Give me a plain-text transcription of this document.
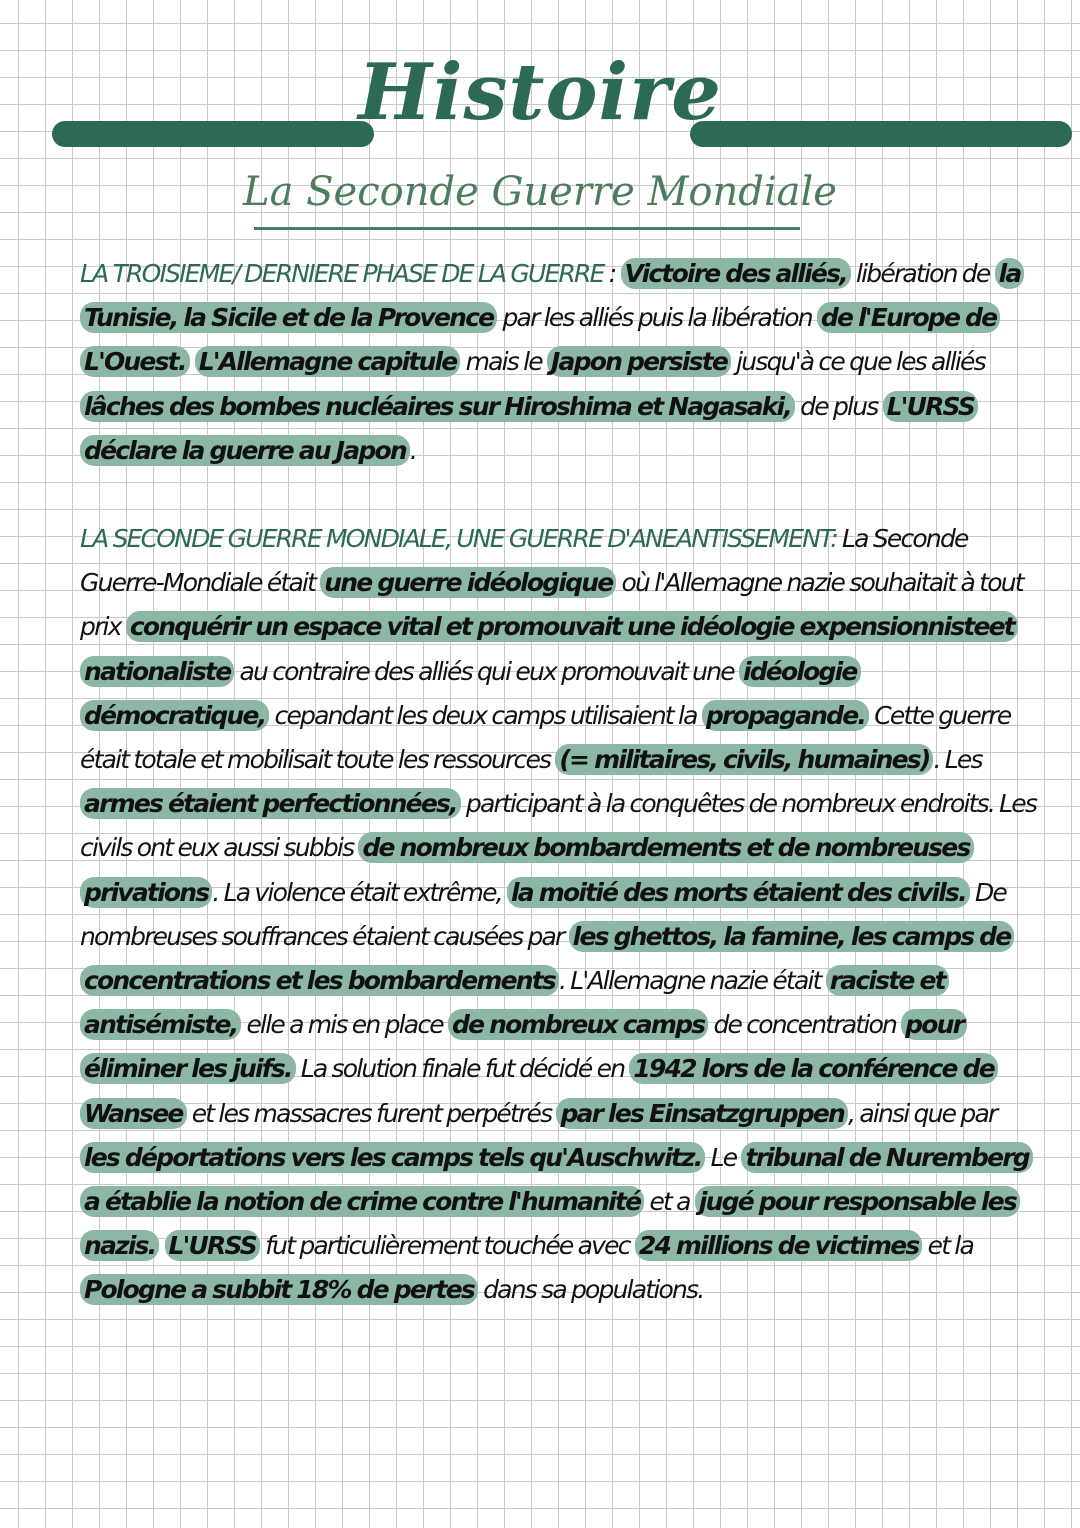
Histoire
La Seconde Guerre Mondiale

LA TROISIEME/ DERNIERE PHASE DE LA GUERRE : Victoire des alliés, libération de la Tunisie, la Sicile et de la Provence par les alliés puis la libération de l'Europe de L'Ouest. L'Allemagne capitule mais le Japon persiste jusqu'à ce que les alliés lâches des bombes nucléaires sur Hiroshima et Nagasaki, de plus L'URSS déclare la guerre au Japon .

LA SECONDE GUERRE MONDIALE, UNE GUERRE D'ANEANTISSEMENT: La Seconde Guerre-Mondiale était une guerre idéologique où l'Allemagne nazie souhaitait à tout prix conquérir un espace vital et promouvait une idéologie expensionnisteet nationaliste au contraire des alliés qui eux promouvait une idéologie démocratique, cepandant les deux camps utilisaient la propagande. Cette guerre était totale et mobilisait toute les ressources (= militaires, civils, humaines) . Les armes étaient perfectionnées, participant à la conquêtes de nombreux endroits. Les civils ont eux aussi subbis de nombreux bombardements et de nombreuses privations . La violence était extrême, la moitié des morts étaient des civils. De nombreuses souffrances étaient causées par les ghettos, la famine, les camps de concentrations et les bombardements . L'Allemagne nazie était raciste et antisémiste, elle a mis en place de nombreux camps de concentration pour éliminer les juifs. La solution finale fut décidé en 1942 lors de la conférence de Wansee et les massacres furent perpétrés par les Einsatzgruppen , ainsi que par les déportations vers les camps tels qu'Auschwitz. Le tribunal de Nuremberg a établie la notion de crime contre l'humanité et a jugé pour responsable les nazis. L'URSS fut particulièrement touchée avec 24 millions de victimes et la Pologne a subbit 18% de pertes dans sa populations.
